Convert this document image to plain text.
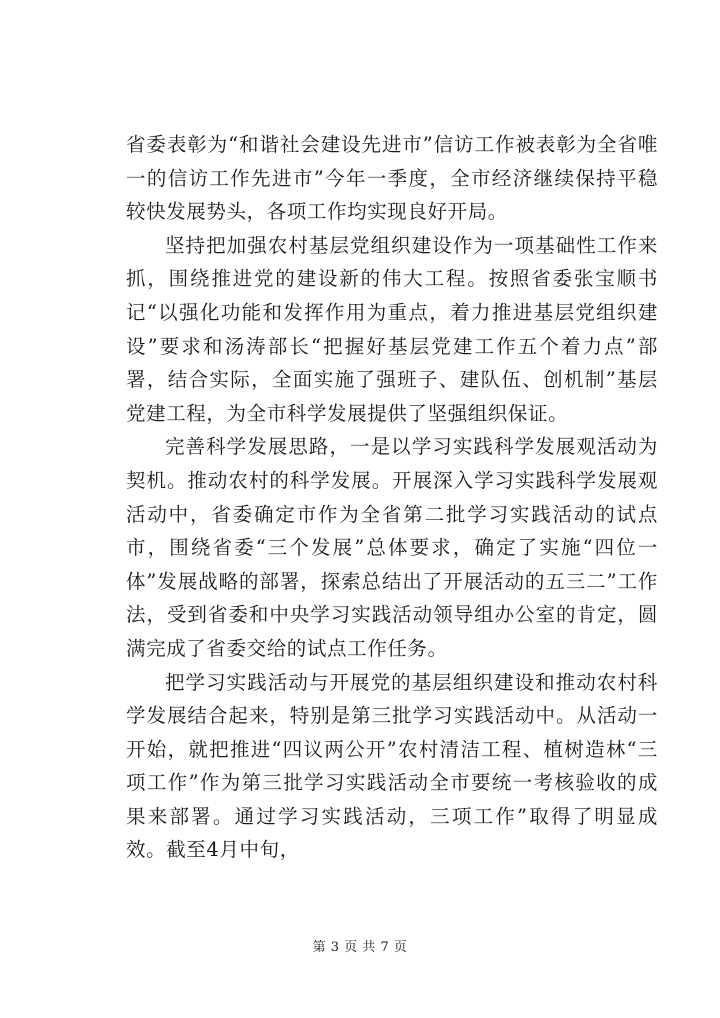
省委表彰为“和谐社会建设先进市”信访工作被表彰为全省唯一的信访工作先进市”今年一季度，全市经济继续保持平稳较快发展势头，各项工作均实现良好开局。

坚持把加强农村基层党组织建设作为一项基础性工作来抓，围绕推进党的建设新的伟大工程。按照省委张宝顺书记“以强化功能和发挥作用为重点，着力推进基层党组织建设”要求和汤涛部长“把握好基层党建工作五个着力点”部署，结合实际，全面实施了强班子、建队伍、创机制”基层党建工程，为全市科学发展提供了坚强组织保证。

完善科学发展思路，一是以学习实践科学发展观活动为契机。推动农村的科学发展。开展深入学习实践科学发展观活动中，省委确定市作为全省第二批学习实践活动的试点市，围绕省委“三个发展”总体要求，确定了实施“四位一体”发展战略的部署，探索总结出了开展活动的五三二”工作法，受到省委和中央学习实践活动领导组办公室的肯定，圆满完成了省委交给的试点工作任务。

把学习实践活动与开展党的基层组织建设和推动农村科学发展结合起来，特别是第三批学习实践活动中。从活动一开始，就把推进“四议两公开”农村清洁工程、植树造林“三项工作”作为第三批学习实践活动全市要统一考核验收的成果来部署。通过学习实践活动，三项工作”取得了明显成效。截至4月中旬，

第 3 页 共 7 页
